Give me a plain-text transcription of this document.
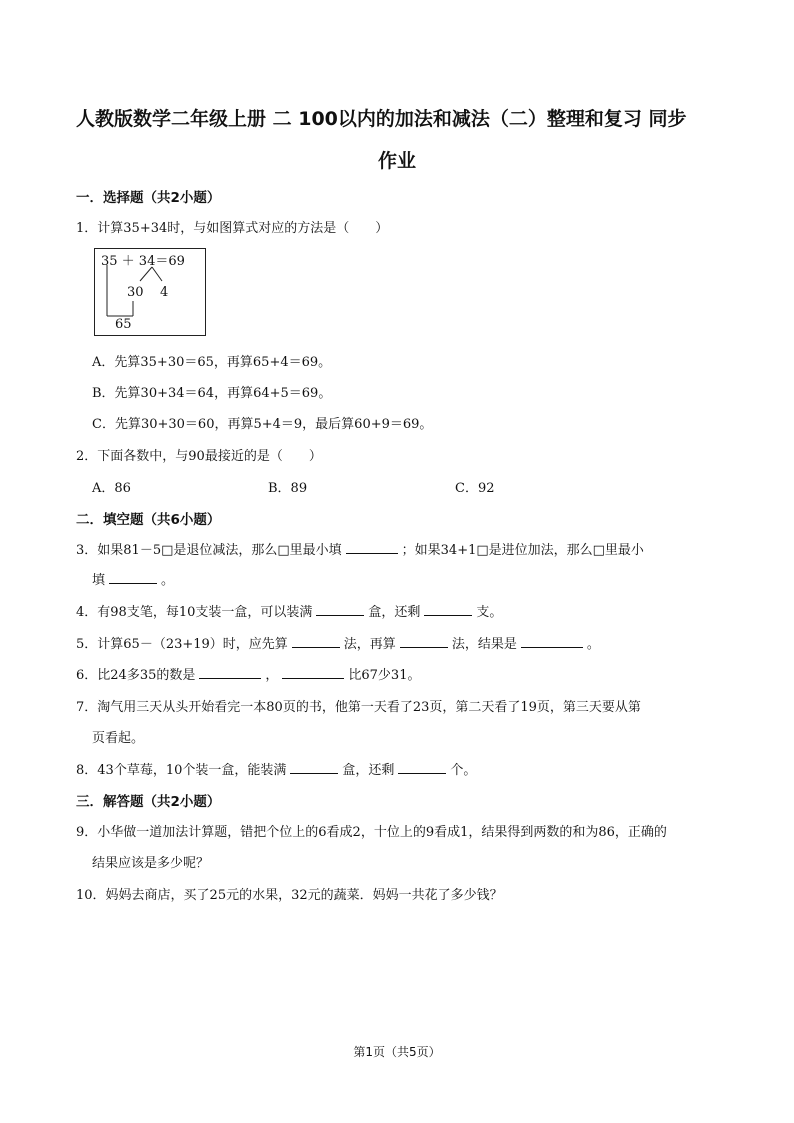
人教版数学二年级上册 二 100以内的加法和减法（二）整理和复习 同步
作业
一．选择题（共2小题）
1．计算35+34时，与如图算式对应的方法是（　　）
35 ＋ 34＝69
30 4
65
A．先算35+30＝65，再算65+4＝69。
B．先算30+34＝64，再算64+5＝69。
C．先算30+30＝60，再算5+4＝9，最后算60+9＝69。
2．下面各数中，与90最接近的是（　　）
A．86	B．89	C．92
二．填空题（共6小题）
3．如果81－5□是退位减法，那么□里最小填	；如果34+1□是进位加法，那么□里最小
填	。
4．有98支笔，每10支装一盒，可以装满	盒，还剩	支。
5．计算65－（23+19）时，应先算	法，再算	法，结果是	。
6．比24多35的数是	，	比67少31。
7．淘气用三天从头开始看完一本80页的书，他第一天看了23页，第二天看了19页，第三天要从第
页看起。
8．43个草莓，10个装一盒，能装满	盒，还剩	个。
三．解答题（共2小题）
9．小华做一道加法计算题，错把个位上的6看成2，十位上的9看成1，结果得到两数的和为86，正确的
结果应该是多少呢？
10．妈妈去商店，买了25元的水果，32元的蔬菜．妈妈一共花了多少钱？
第1页（共5页）
